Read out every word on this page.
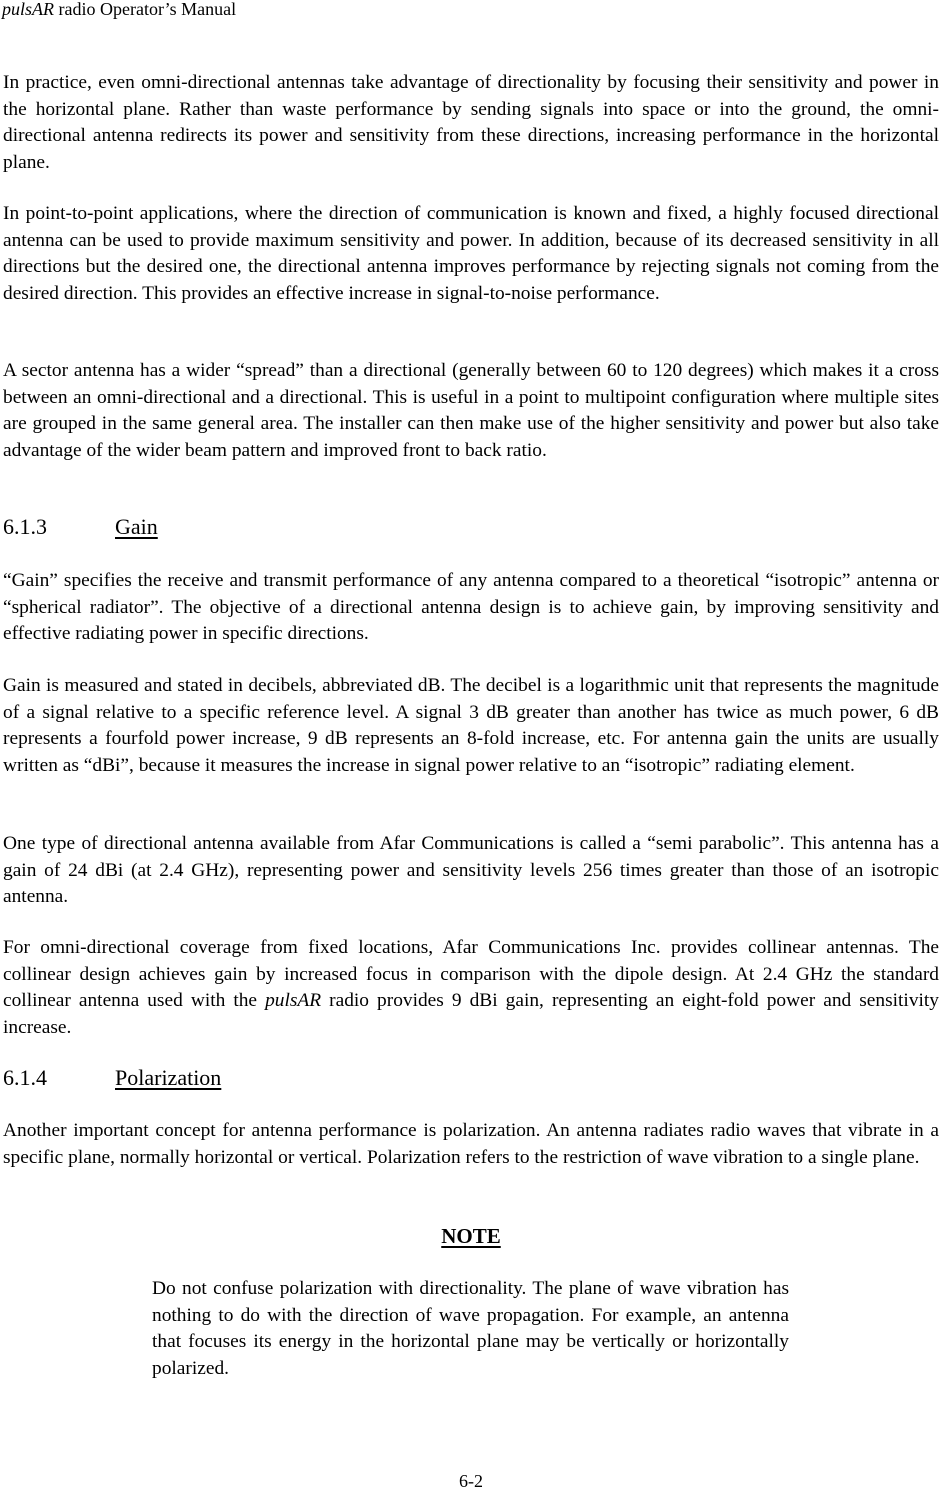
pulsAR radio Operator’s Manual

In practice, even omni-directional antennas take advantage of directionality by focusing their sensitivity and power in the horizontal plane. Rather than waste performance by sending signals into space or into the ground, the omni-directional antenna redirects its power and sensitivity from these directions, increasing performance in the horizontal plane.

In point-to-point applications, where the direction of communication is known and fixed, a highly focused directional antenna can be used to provide maximum sensitivity and power. In addition, because of its decreased sensitivity in all directions but the desired one, the directional antenna improves performance by rejecting signals not coming from the desired direction. This provides an effective increase in signal-to-noise performance.

A sector antenna has a wider “spread” than a directional (generally between 60 to 120 degrees) which makes it a cross between an omni-directional and a directional. This is useful in a point to multipoint configuration where multiple sites are grouped in the same general area. The installer can then make use of the higher sensitivity and power but also take advantage of the wider beam pattern and improved front to back ratio.

6.1.3	Gain

“Gain” specifies the receive and transmit performance of any antenna compared to a theoretical “isotropic” antenna or “spherical radiator”. The objective of a directional antenna design is to achieve gain, by improving sensitivity and effective radiating power in specific directions.

Gain is measured and stated in decibels, abbreviated dB. The decibel is a logarithmic unit that represents the magnitude of a signal relative to a specific reference level. A signal 3 dB greater than another has twice as much power, 6 dB represents a fourfold power increase, 9 dB represents an 8-fold increase, etc. For antenna gain the units are usually written as “dBi”, because it measures the increase in signal power relative to an “isotropic” radiating element.

One type of directional antenna available from Afar Communications is called a “semi parabolic”. This antenna has a gain of 24 dBi (at 2.4 GHz), representing power and sensitivity levels 256 times greater than those of an isotropic antenna.

For omni-directional coverage from fixed locations, Afar Communications Inc. provides collinear antennas. The collinear design achieves gain by increased focus in comparison with the dipole design. At 2.4 GHz the standard collinear antenna used with the pulsAR radio provides 9 dBi gain, representing an eight-fold power and sensitivity increase.

6.1.4	Polarization

Another important concept for antenna performance is polarization. An antenna radiates radio waves that vibrate in a specific plane, normally horizontal or vertical. Polarization refers to the restriction of wave vibration to a single plane.

NOTE

Do not confuse polarization with directionality. The plane of wave vibration has nothing to do with the direction of wave propagation. For example, an antenna that focuses its energy in the horizontal plane may be vertically or horizontally polarized.

6-2
